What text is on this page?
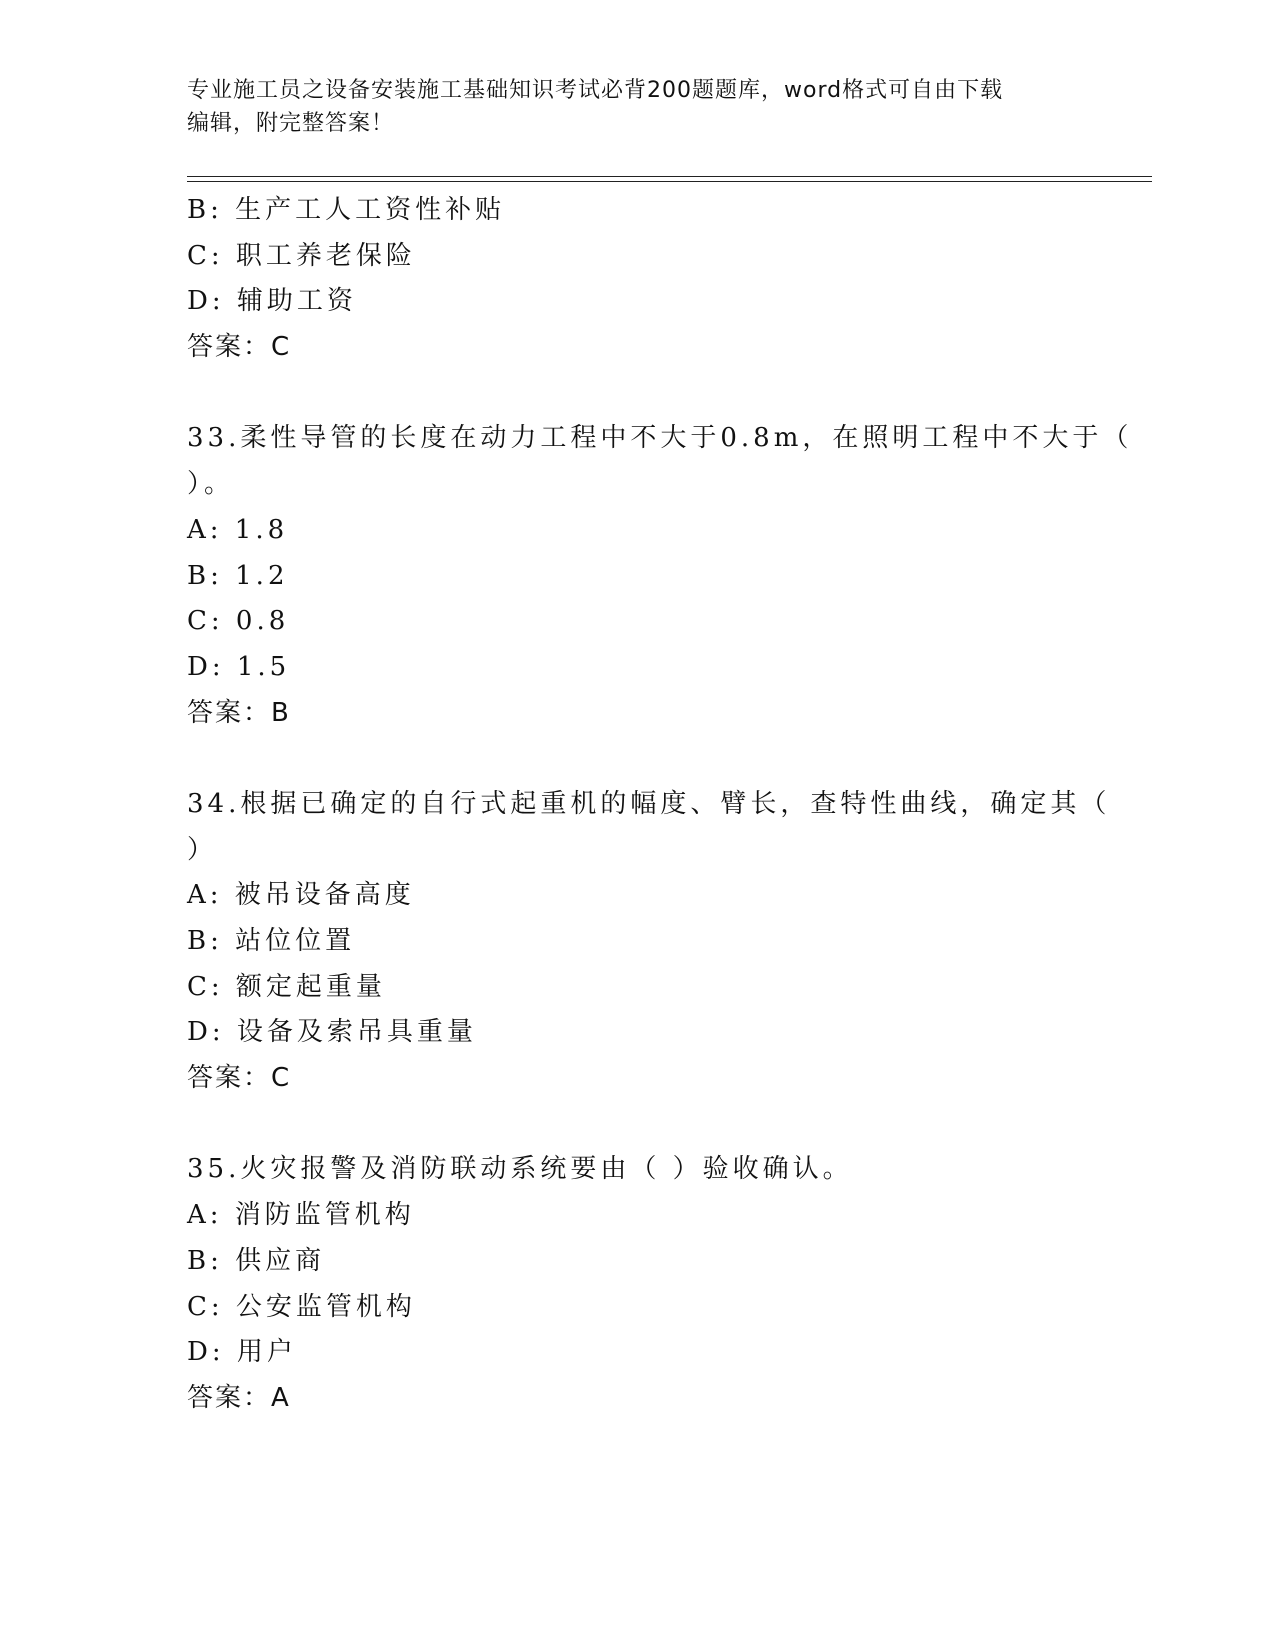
专业施工员之设备安装施工基础知识考试必背200题题库，word格式可自由下载
编辑，附完整答案！
B: 生产工人工资性补贴
C: 职工养老保险
D: 辅助工资
答案：C
33.柔性导管的长度在动力工程中不大于0.8m，在照明工程中不大于（
）。
A: 1.8
B: 1.2
C: 0.8
D: 1.5
答案：B
34.根据已确定的自行式起重机的幅度、臂长，查特性曲线，确定其（
）
A: 被吊设备高度
B: 站位位置
C: 额定起重量
D: 设备及索吊具重量
答案：C
35.火灾报警及消防联动系统要由（ ）验收确认。
A: 消防监管机构
B: 供应商
C: 公安监管机构
D: 用户
答案：A
